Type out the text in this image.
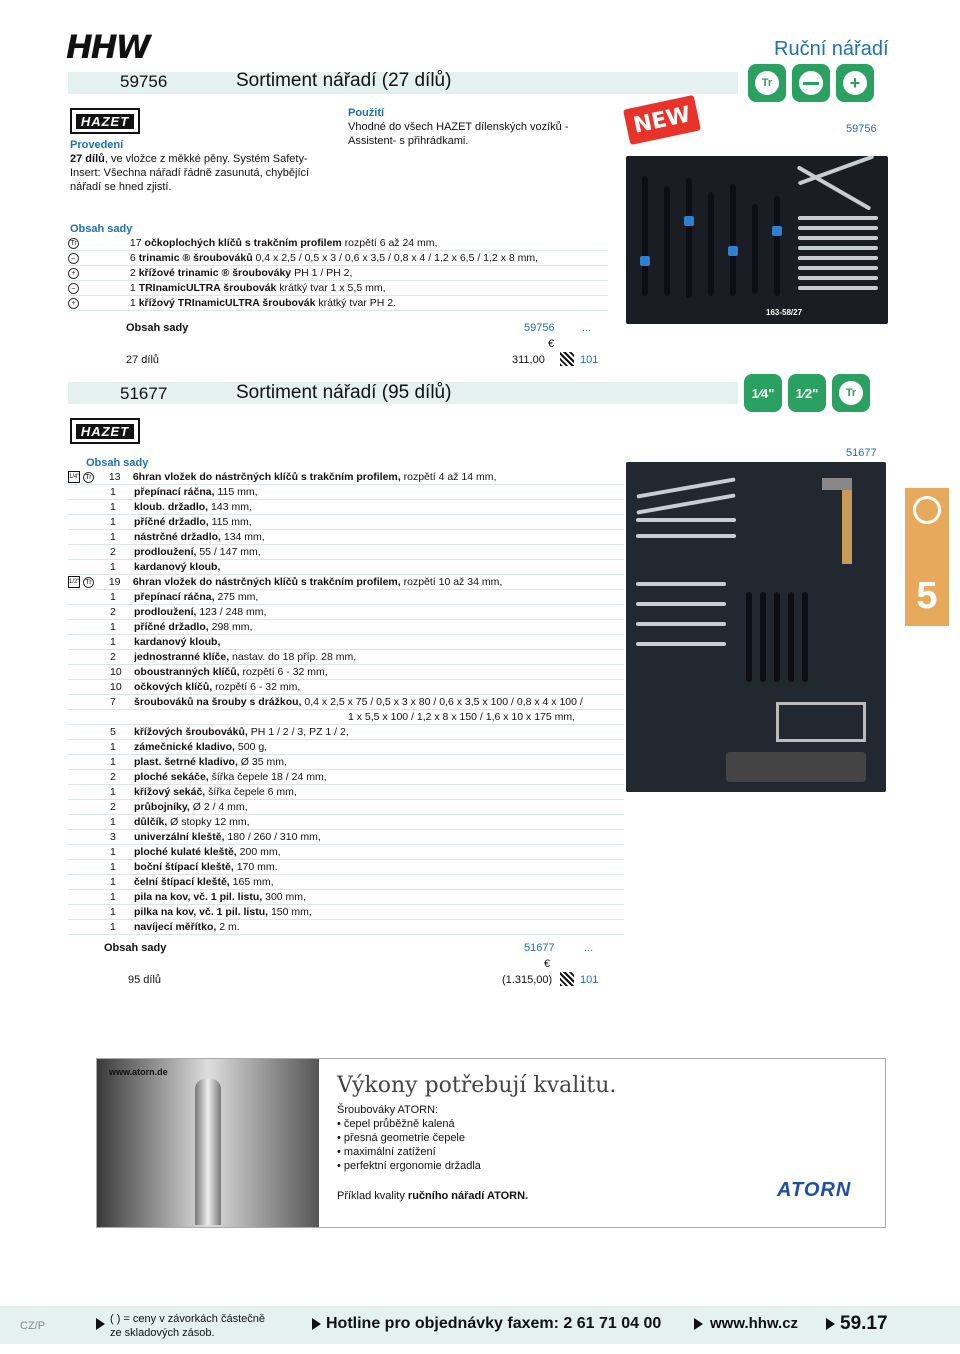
HHW	Ruční nářadí
59756	Sortiment nářadí (27 dílů)	Tr	+
HAZET
Provedení
27 dílů, ve vložce z měkké pěny. Systém Safety-Insert: Všechna nářadí řádně zasunutá, chybějící nářadí se hned zjistí.
Použití
Vhodné do všech HAZET dílenských vozíků -Assistent- s přihrádkami.
NEW	59756
163-58/27
Obsah sady
Tr	17 očkoplochých klíčů s trakčním profilem rozpětí 6 až 24 mm,
–	6 trinamic ® šroubováků 0,4 x 2,5 / 0,5 x 3 / 0,6 x 3,5 / 0,8 x 4 / 1,2 x 6,5 / 1,2 x 8 mm,
+	2 křížové trinamic ® šroubováky PH 1 / PH 2,
–	1 TRInamicULTRA šroubovák krátký tvar 1 x 5,5 mm,
+	1 křížový TRInamicULTRA šroubovák krátký tvar PH 2.
Obsah sady	59756 ...
€
27 dílů	311,00	101
51677	Sortiment nářadí (95 dílů)	1⁄4" 1⁄2"	Tr
HAZET
51677
Obsah sady
1/4" Tr 13 6hran vložek do nástrčných klíčů s trakčním profilem, rozpětí 4 až 14 mm,
1 přepínací ráčna, 115 mm,
1 kloub. držadlo, 143 mm,
1 příčné držadlo, 115 mm,
1 nástrčné držadlo, 134 mm,
2 prodloužení, 55 / 147 mm,
1 kardanový kloub,
1/2" Tr 19 6hran vložek do nástrčných klíčů s trakčním profilem, rozpětí 10 až 34 mm,
1 přepínací ráčna, 275 mm,
2 prodloužení, 123 / 248 mm,
1 příčné držadlo, 298 mm,
1 kardanový kloub,
2 jednostranné klíče, nastav. do 18 příp. 28 mm,
10 oboustranných klíčů, rozpětí 6 - 32 mm,
10 očkových klíčů, rozpětí 6 - 32 mm,
7 šroubováků na šrouby s drážkou, 0,4 x 2,5 x 75 / 0,5 x 3 x 80 / 0,6 x 3,5 x 100 / 0,8 x 4 x 100 /
1 x 5,5 x 100 / 1,2 x 8 x 150 / 1,6 x 10 x 175 mm,
5 křížových šroubováků, PH 1 / 2 / 3, PZ 1 / 2,
1 zámečnické kladivo, 500 g,
1 plast. šetrné kladivo, Ø 35 mm,
2 ploché sekáče, šířka čepele 18 / 24 mm,
1 křížový sekáč, šířka čepele 6 mm,
2 průbojníky, Ø 2 / 4 mm,
1 důlčík, Ø stopky 12 mm,
3 univerzální kleště, 180 / 260 / 310 mm,
1 ploché kulaté kleště, 200 mm,
1 boční štípací kleště, 170 mm.
1 čelní štípací kleště, 165 mm,
1 pila na kov, vč. 1 pil. listu, 300 mm,
1 pilka na kov, vč. 1 pil. listu, 150 mm,
1 navíjecí měřítko, 2 m.
Obsah sady	51677	...
€
95 dílů	(1.315,00)	101
5
www.atorn.de
Výkony potřebují kvalitu.
Šroubováky ATORN:
• čepel průběžně kalená
• přesná geometrie čepele
• maximální zatížení
• perfektní ergonomie držadla
Příklad kvality ručního nářadí ATORN.	ATORN
CZ/P
( ) = ceny v závorkách částečně
ze skladových zásob.
Hotline pro objednávky faxem: 2 61 71 04 00	www.hhw.cz 59.17
